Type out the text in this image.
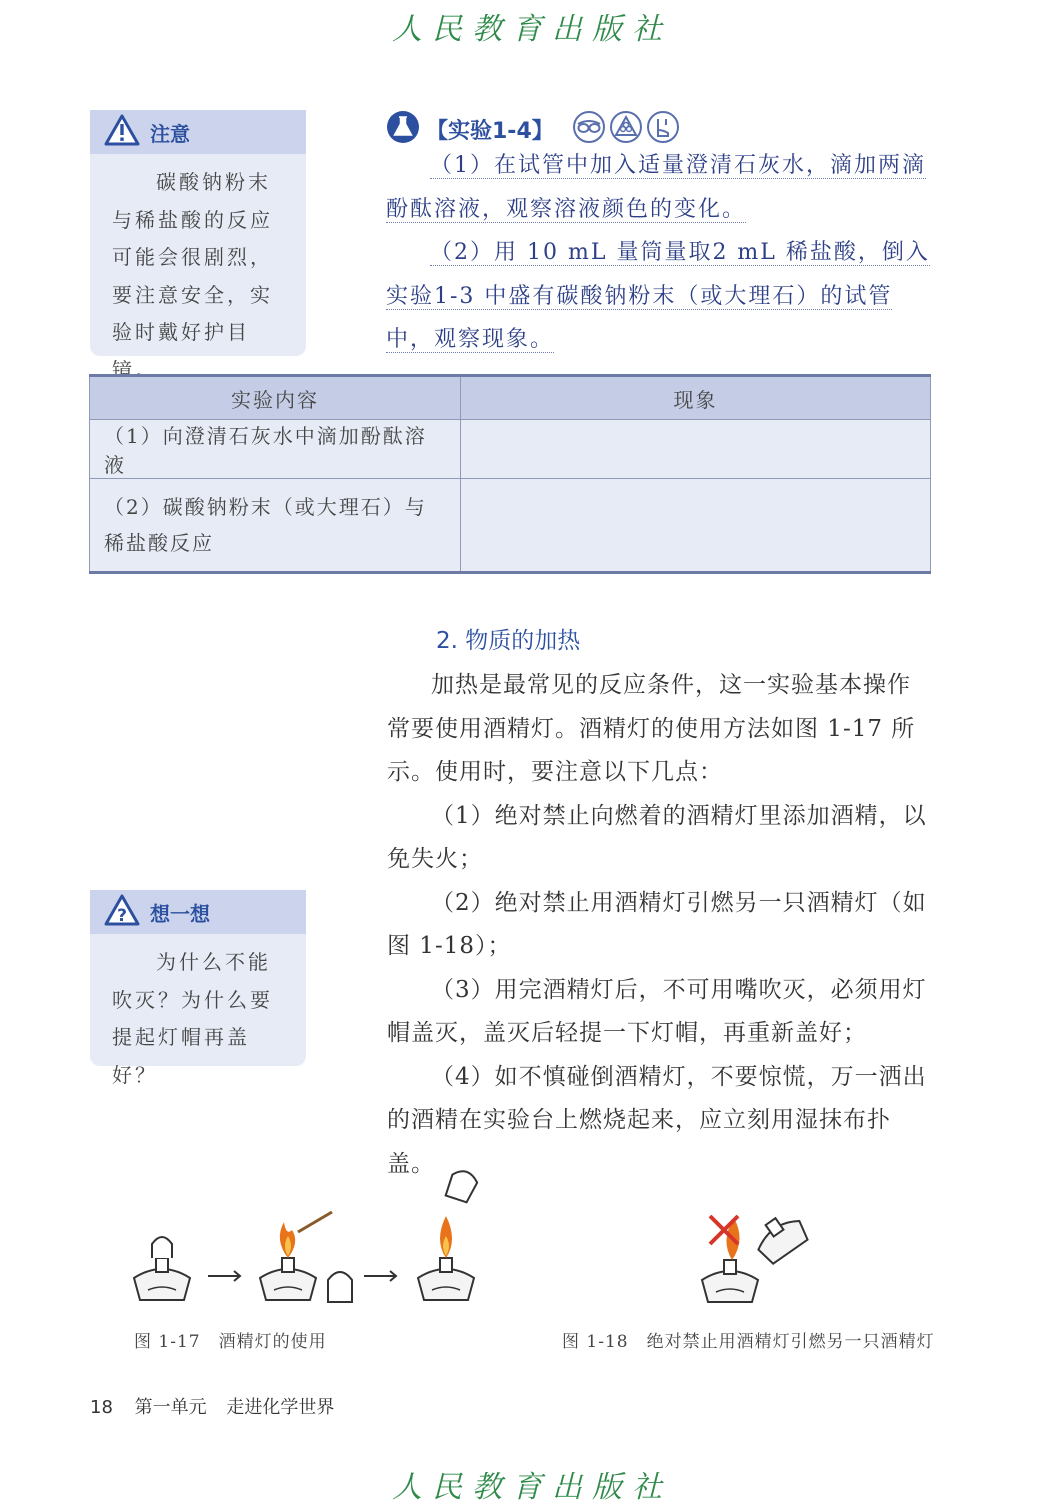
人民教育出版社
注意
碳酸钠粉末与稀盐酸的反应可能会很剧烈，要注意安全，实验时戴好护目镜。
【实验1-4】
（1）在试管中加入适量澄清石灰水，滴加两滴酚酞溶液，观察溶液颜色的变化。
（2）用 10 mL 量筒量取2 mL 稀盐酸，倒入实验1-3 中盛有碳酸钠粉末（或大理石）的试管中，观察现象。
实验内容	现象
（1）向澄清石灰水中滴加酚酞溶液	
（2）碳酸钠粉末（或大理石）与稀盐酸反应	
2. 物质的加热
加热是最常见的反应条件，这一实验基本操作常要使用酒精灯。酒精灯的使用方法如图 1-17 所示。使用时，要注意以下几点：
（1）绝对禁止向燃着的酒精灯里添加酒精，以免失火；
（2）绝对禁止用酒精灯引燃另一只酒精灯（如图 1-18）；
（3）用完酒精灯后，不可用嘴吹灭，必须用灯帽盖灭，盖灭后轻提一下灯帽，再重新盖好；
（4）如不慎碰倒酒精灯，不要惊慌，万一洒出的酒精在实验台上燃烧起来，应立刻用湿抹布扑盖。
? 想一想
为什么不能吹灭？为什么要提起灯帽再盖好？
图 1-17　酒精灯的使用	图 1-18　绝对禁止用酒精灯引燃另一只酒精灯
18 第一单元 走进化学世界
人民教育出版社
